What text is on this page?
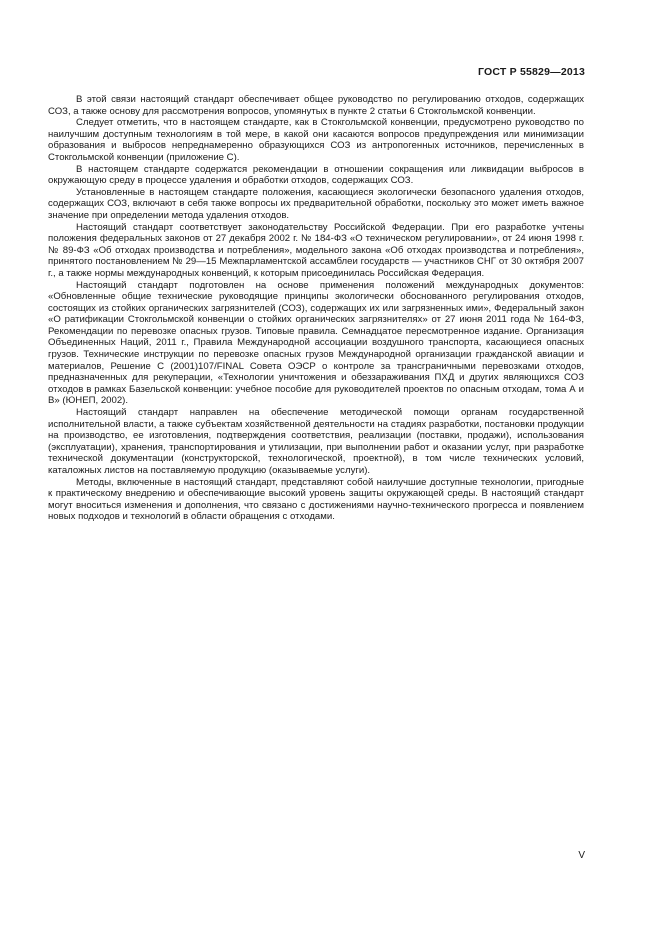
ГОСТ Р 55829—2013

В этой связи настоящий стандарт обеспечивает общее руководство по регулированию отходов, содержащих СОЗ, а также основу для рассмотрения вопросов, упомянутых в пункте 2 статьи 6 Стокгольмской конвенции.

Следует отметить, что в настоящем стандарте, как в Стокгольмской конвенции, предусмотрено руководство по наилучшим доступным технологиям в той мере, в какой они касаются вопросов предупреждения или минимизации образования и выбросов непреднамеренно образующихся СОЗ из антропогенных источников, перечисленных в Стокгольмской конвенции (приложение С).

В настоящем стандарте содержатся рекомендации в отношении сокращения или ликвидации выбросов в окружающую среду в процессе удаления и обработки отходов, содержащих СОЗ.

Установленные в настоящем стандарте положения, касающиеся экологически безопасного удаления отходов, содержащих СОЗ, включают в себя также вопросы их предварительной обработки, поскольку это может иметь важное значение при определении метода удаления отходов.

Настоящий стандарт соответствует законодательству Российской Федерации. При его разработке учтены положения федеральных законов от 27 декабря 2002 г. № 184-ФЗ «О техническом регулировании», от 24 июня 1998 г. № 89-ФЗ «Об отходах производства и потребления», модельного закона «Об отходах производства и потребления», принятого постановлением № 29—15 Межпарламентской ассамблеи государств — участников СНГ от 30 октября 2007 г., а также нормы международных конвенций, к которым присоединилась Российская Федерация.

Настоящий стандарт подготовлен на основе применения положений международных документов: «Обновленные общие технические руководящие принципы экологически обоснованного регулирования отходов, состоящих из стойких органических загрязнителей (СОЗ), содержащих их или загрязненных ими», Федеральный закон «О ратификации Стокгольмской конвенции о стойких органических загрязнителях» от 27 июня 2011 года № 164-ФЗ, Рекомендации по перевозке опасных грузов. Типовые правила. Семнадцатое пересмотренное издание. Организация Объединенных Наций, 2011 г., Правила Международной ассоциации воздушного транспорта, касающиеся опасных грузов. Технические инструкции по перевозке опасных грузов Международной организации гражданской авиации и материалов, Решение С (2001)107/FINAL Совета ОЭСР о контроле за трансграничными перевозками отходов, предназначенных для рекуперации, «Технологии уничтожения и обеззараживания ПХД и других являющихся СОЗ отходов в рамках Базельской конвенции: учебное пособие для руководителей проектов по опасным отходам, тома А и В» (ЮНЕП, 2002).

Настоящий стандарт направлен на обеспечение методической помощи органам государственной исполнительной власти, а также субъектам хозяйственной деятельности на стадиях разработки, постановки продукции на производство, ее изготовления, подтверждения соответствия, реализации (поставки, продажи), использования (эксплуатации), хранения, транспортирования и утилизации, при выполнении работ и оказании услуг, при разработке технической документации (конструкторской, технологической, проектной), в том числе технических условий, каталожных листов на поставляемую продукцию (оказываемые услуги).

Методы, включенные в настоящий стандарт, представляют собой наилучшие доступные технологии, пригодные к практическому внедрению и обеспечивающие высокий уровень защиты окружающей среды. В настоящий стандарт могут вноситься изменения и дополнения, что связано с достижениями научно-технического прогресса и появлением новых подходов и технологий в области обращения с отходами.

V
